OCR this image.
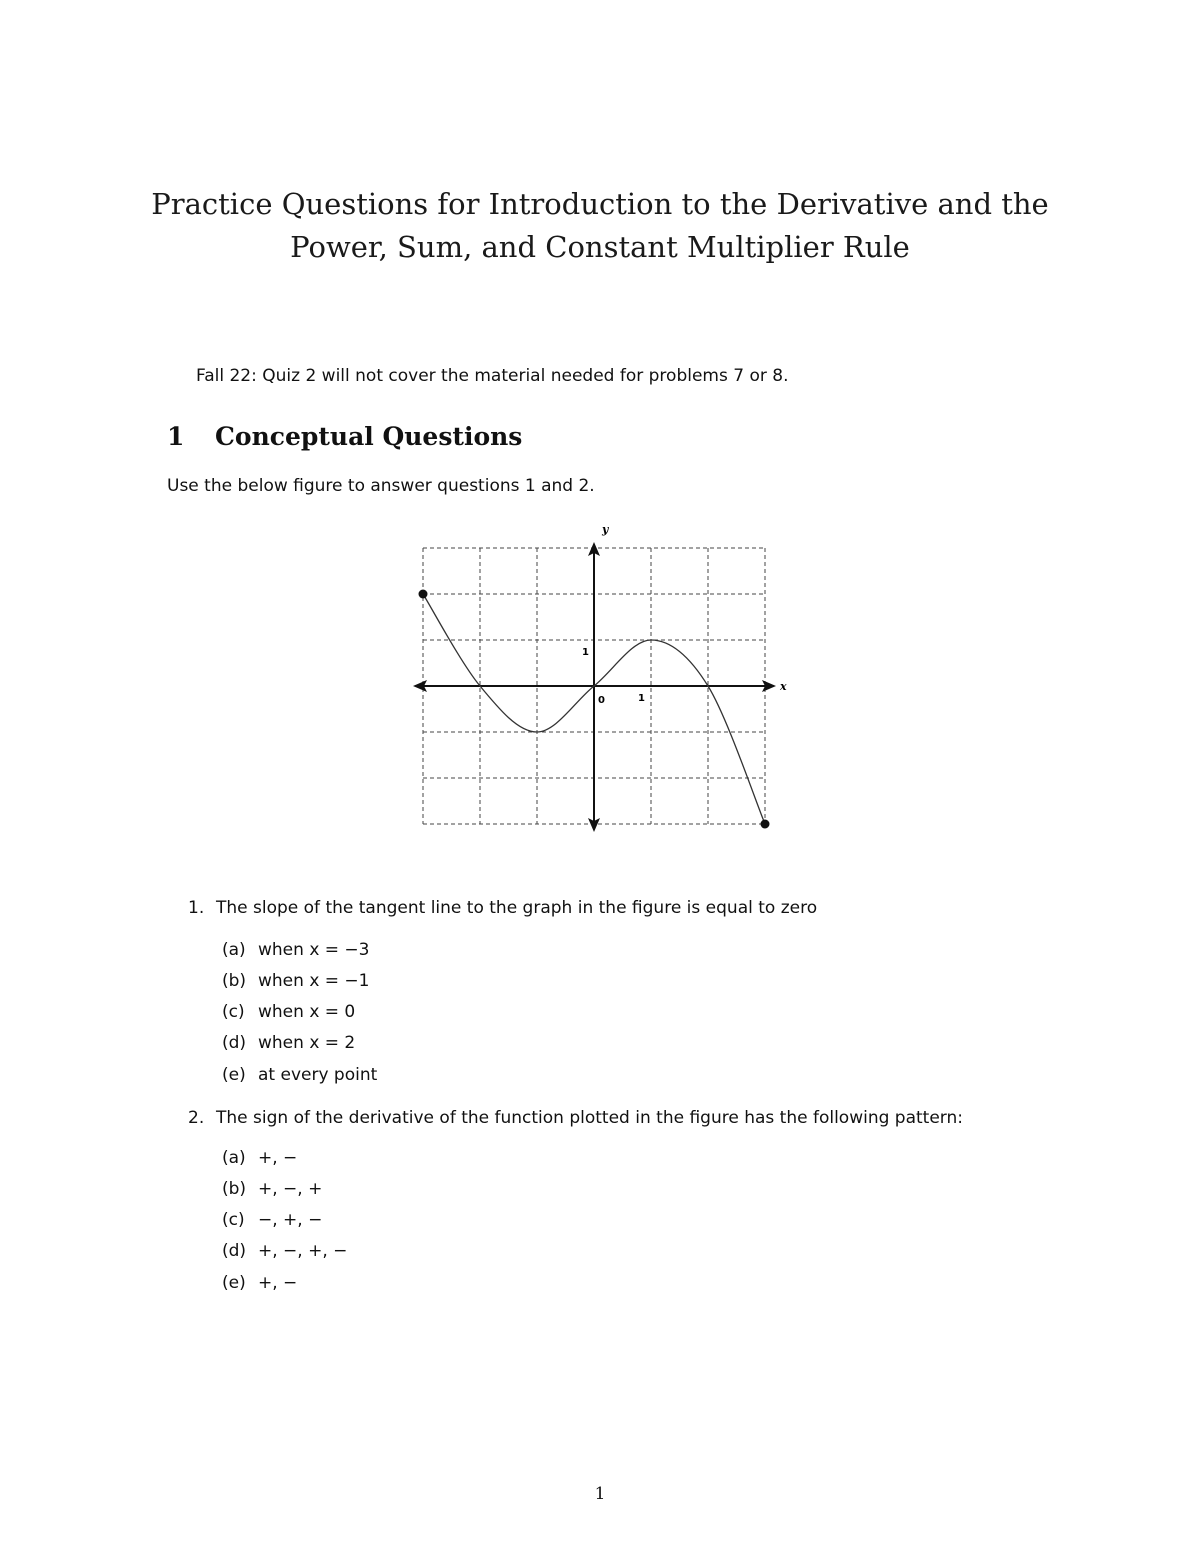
Practice Questions for Introduction to the Derivative and the
Power, Sum, and Constant Multiplier Rule
Fall 22: Quiz 2 will not cover the material needed for problems 7 or 8.
1 Conceptual Questions
Use the below figure to answer questions 1 and 2.
y
x
0	1
1
1. The slope of the tangent line to the graph in the figure is equal to zero
(a) when x = −3
(b) when x = −1
(c) when x = 0
(d) when x = 2
(e) at every point
2. The sign of the derivative of the function plotted in the figure has the following pattern:
(a) +, −
(b) +, −, +
(c) −, +, −
(d) +, −, +, −
(e) +, −
1
